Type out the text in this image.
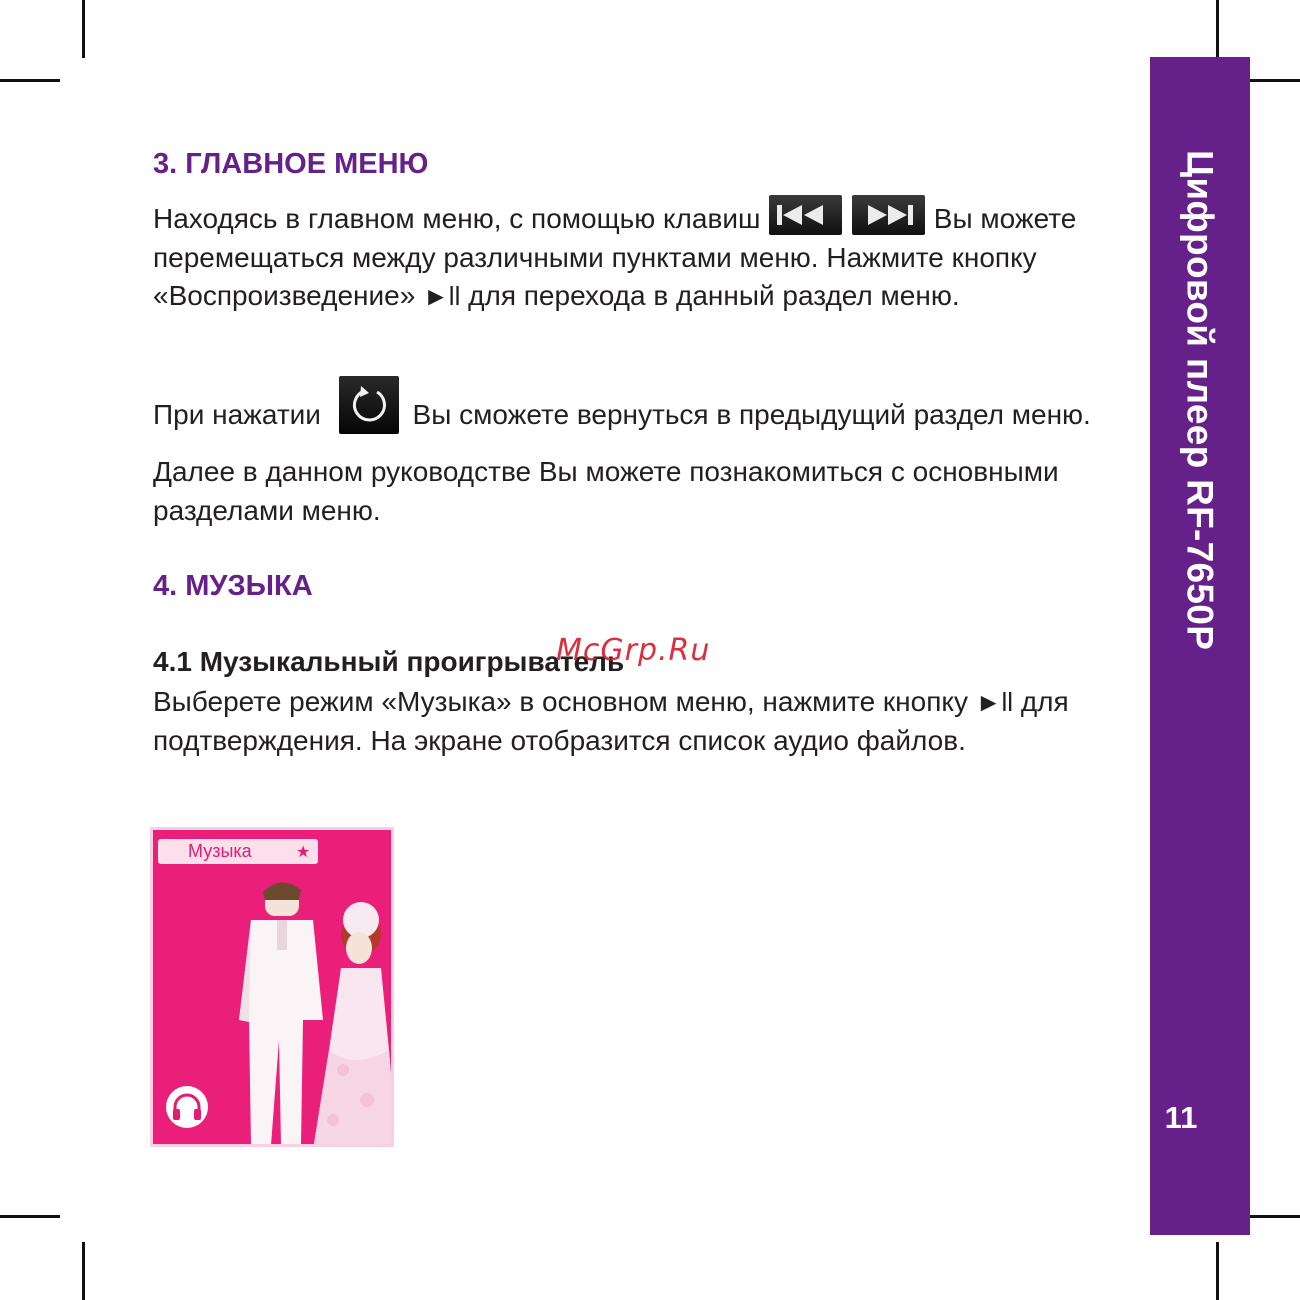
Цифровой плеер RF-7650P
11
3. ГЛАВНОЕ МЕНЮ

Находясь в главном меню, с помощью клавиш
	Вы можете перемещаться между различными пунктами меню. Нажмите кнопку «Воспроизведение» ►ll для перехода в данный раздел меню.

При нажатии	Вы сможете вернуться в предыдущий раздел меню.

Далее в данном руководстве Вы можете познакомиться с основными разделами меню.

4. МУЗЫКА
4.1 Музыкальный проигрыватель

Выберете режим «Музыка» в основном меню, нажмите кнопку ►ll для подтверждения. На экране отобразится список аудио файлов.

McGrp.Ru
Музыка	★
